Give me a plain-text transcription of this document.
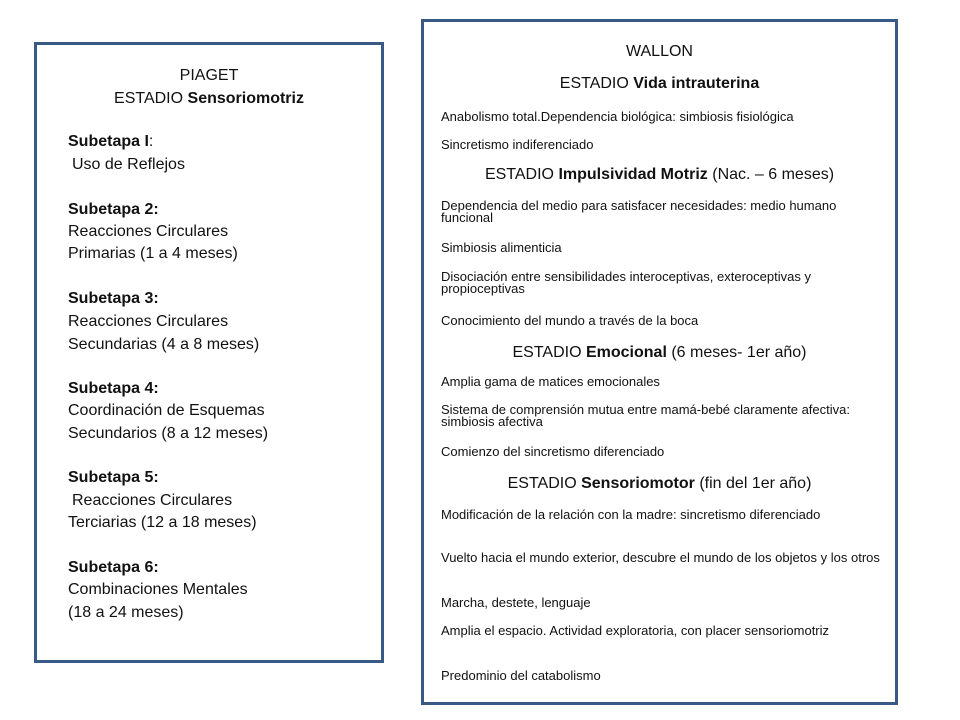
PIAGET
ESTADIO Sensoriomotriz
Subetapa I:
Uso de Reflejos
Subetapa 2:
Reacciones Circulares
Primarias (1 a 4 meses)
Subetapa 3:
Reacciones Circulares
Secundarias (4 a 8 meses)
Subetapa 4:
Coordinación de Esquemas
Secundarios (8 a 12 meses)
Subetapa 5:
Reacciones Circulares
Terciarias (12 a 18 meses)
Subetapa 6:
Combinaciones Mentales
(18 a 24 meses)
WALLON
ESTADIO Vida intrauterina
Anabolismo total.Dependencia biológica: simbiosis fisiológica
Sincretismo indiferenciado
ESTADIO Impulsividad Motriz (Nac. – 6 meses)
Dependencia del medio para satisfacer necesidades: medio humano funcional
Simbiosis alimenticia
Disociación entre sensibilidades interoceptivas, exteroceptivas y propioceptivas
Conocimiento del mundo a través de la boca
ESTADIO Emocional (6 meses- 1er año)
Amplia gama de matices emocionales
Sistema de comprensión mutua entre mamá-bebé claramente afectiva: simbiosis afectiva
Comienzo del sincretismo diferenciado
ESTADIO Sensoriomotor (fin del 1er año)
Modificación de la relación con la madre: sincretismo diferenciado
Vuelto hacia el mundo exterior, descubre el mundo de los objetos y los otros
Marcha, destete, lenguaje
Amplia el espacio. Actividad exploratoria, con placer sensoriomotriz
Predominio del catabolismo
